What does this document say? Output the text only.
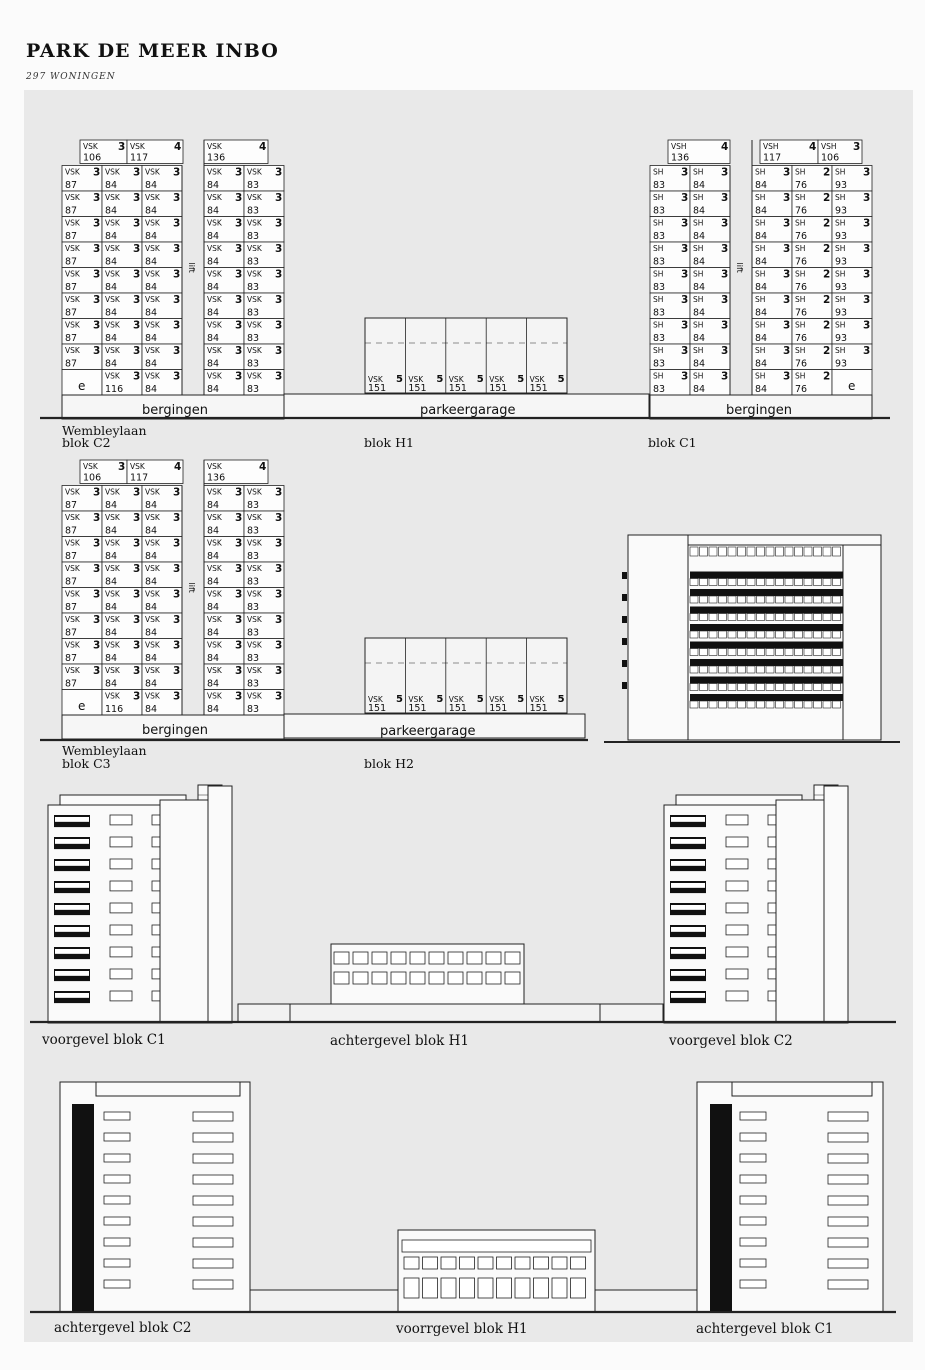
PARK DE MEER INBO
297 WONINGEN
VSK 3
106
VSK	4
117
VSK	4
136
VSK 3
87
VSK 3
84
VSK 3
84
VSK 3
84
VSK 3
83
VSK 3
87
VSK 3
84
VSK 3
84
VSK 3
84
VSK 3
83
VSK 3
87
VSK 3
84
VSK 3
84
VSK 3
84
VSK 3
83
VSK 3
87
VSK 3
84
VSK 3
84
VSK 3
84
VSK 3
83
VSK 3
87
VSK 3
84
VSK 3
84
VSK 3
84
VSK 3
83
VSK 3
87
VSK 3
84
VSK 3
84
VSK 3
84
VSK 3
83
VSK 3
87
VSK 3
84
VSK 3
84
VSK 3
84
VSK 3
83
VSK 3
87
VSK 3
84
VSK 3
84
VSK 3
84
VSK 3
83
e
VSK 3
116
VSK 3
84
VSK 3
84
VSK 3
83
lift
bergingen
VSK 5
151
VSK 5
151
VSK 5
151
VSK 5
151
VSK 5
151
parkeergarage
VSH	4
136
VSH	4
117
VSH 3
106
SH 3
83
SH 3
84
SH 3
84
SH 2
76
SH 3
93
SH 3
83
SH 3
84
SH 3
84
SH 2
76
SH 3
93
SH 3
83
SH 3
84
SH 3
84
SH 2
76
SH 3
93
SH 3
83
SH 3
84
SH 3
84
SH 2
76
SH 3
93
SH 3
83
SH 3
84
SH 3
84
SH 2
76
SH 3
93
SH 3
83
SH 3
84
SH 3
84
SH 2
76
SH 3
93
SH 3
83
SH 3
84
SH 3
84
SH 2
76
SH 3
93
SH 3
83
SH 3
84
SH 3
84
SH 2
76
SH 3
93
SH 3
83
SH 3
84
SH 3
84
SH 2
76	e
lift
bergingen
VSK 3
106
VSK	4
117
VSK	4
136
VSK 3
87
VSK 3
84
VSK 3
84
VSK 3
84
VSK 3
83
VSK 3
87
VSK 3
84
VSK 3
84
VSK 3
84
VSK 3
83
VSK 3
87
VSK 3
84
VSK 3
84
VSK 3
84
VSK 3
83
VSK 3
87
VSK 3
84
VSK 3
84
VSK 3
84
VSK 3
83
VSK 3
87
VSK 3
84
VSK 3
84
VSK 3
84
VSK 3
83
VSK 3
87
VSK 3
84
VSK 3
84
VSK 3
84
VSK 3
83
VSK 3
87
VSK 3
84
VSK 3
84
VSK 3
84
VSK 3
83
VSK 3
87
VSK 3
84
VSK 3
84
VSK 3
84
VSK 3
83
e
VSK 3
116
VSK 3
84
VSK 3
84
VSK 3
83
lift
bergingen
VSK 5
151
VSK 5
151
VSK 5
151
VSK 5
151
VSK 5
151
parkeergarage
Wembleylaan
blok C2	blok H1	blok C1
Wembleylaan
blok C3	blok H2
voorgevel blok C1	achtergevel blok H1	voorgevel blok C2
achtergevel blok C2	voorrgevel blok H1	achtergevel blok C1
